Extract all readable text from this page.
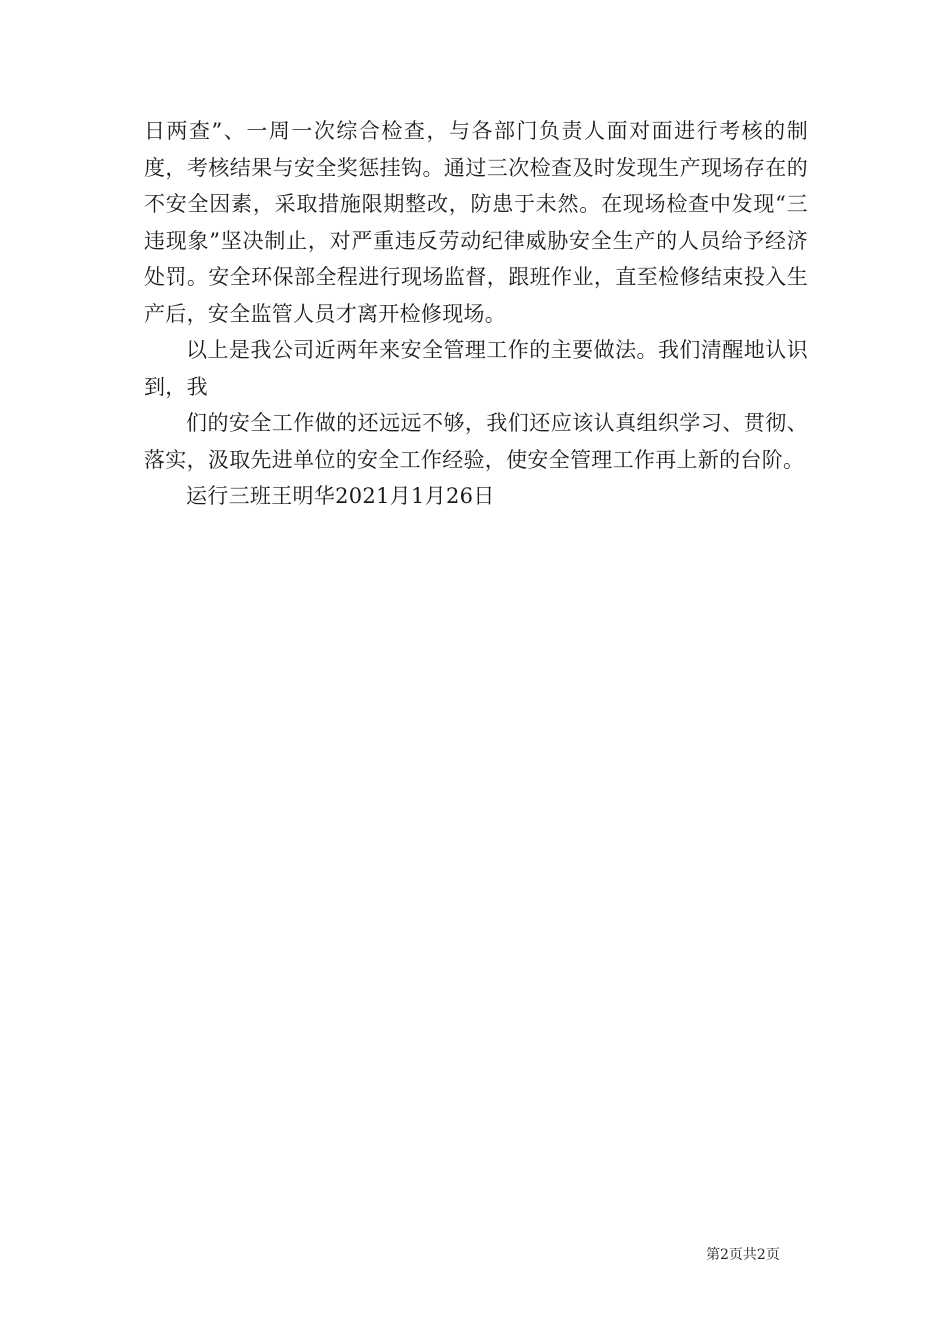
日两查”、一周一次综合检查，与各部门负责人面对面进行考核的制度，考核结果与安全奖惩挂钩。通过三次检查及时发现生产现场存在的不安全因素，采取措施限期整改，防患于未然。在现场检查中发现“三违现象”坚决制止，对严重违反劳动纪律威胁安全生产的人员给予经济处罚。安全环保部全程进行现场监督，跟班作业，直至检修结束投入生产后，安全监管人员才离开检修现场。

以上是我公司近两年来安全管理工作的主要做法。我们清醒地认识到，我

们的安全工作做的还远远不够，我们还应该认真组织学习、贯彻、落实，汲取先进单位的安全工作经验，使安全管理工作再上新的台阶。

运行三班王明华2021月1月26日

第2页共2页
